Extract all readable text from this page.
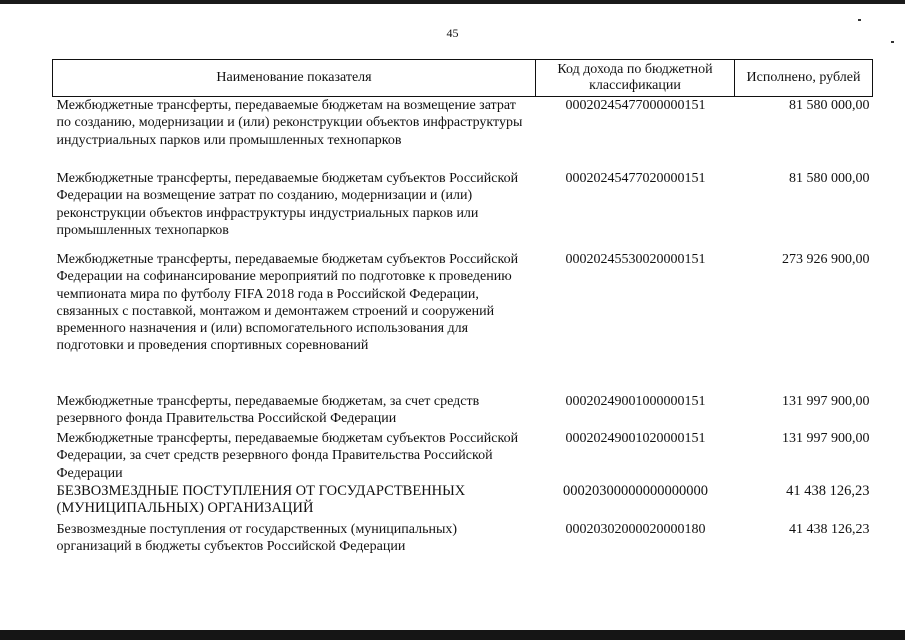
45
Наименование показателя	Код дохода по бюджетной классификации	Исполнено, рублей
Межбюджетные трансферты, передаваемые бюджетам на возмещение затрат по созданию, модернизации и (или) реконструкции объектов инфраструктуры индустриальных парков или промышленных технопарков	00020245477000000151	81 580 000,00
Межбюджетные трансферты, передаваемые бюджетам субъектов Российской Федерации на возмещение затрат по созданию, модернизации и (или) реконструкции объектов инфраструктуры индустриальных парков или промышленных технопарков	00020245477020000151	81 580 000,00
Межбюджетные трансферты, передаваемые бюджетам субъектов Российской Федерации на софинансирование мероприятий по подготовке к проведению чемпионата мира по футболу FIFA 2018 года в Российской Федерации, связанных с поставкой, монтажом и демонтажем строений и сооружений временного назначения и (или) вспомогательного использования для подготовки и проведения спортивных соревнований	00020245530020000151	273 926 900,00
Межбюджетные трансферты, передаваемые бюджетам, за счет средств резервного фонда Правительства Российской Федерации	00020249001000000151	131 997 900,00
Межбюджетные трансферты, передаваемые бюджетам субъектов Российской Федерации, за счет средств резервного фонда Правительства Российской Федерации	00020249001020000151	131 997 900,00
БЕЗВОЗМЕЗДНЫЕ ПОСТУПЛЕНИЯ ОТ ГОСУДАРСТВЕННЫХ (МУНИЦИПАЛЬНЫХ) ОРГАНИЗАЦИЙ	00020300000000000000	41 438 126,23
Безвозмездные поступления от государственных (муниципальных) организаций в бюджеты субъектов Российской Федерации	00020302000020000180	41 438 126,23
